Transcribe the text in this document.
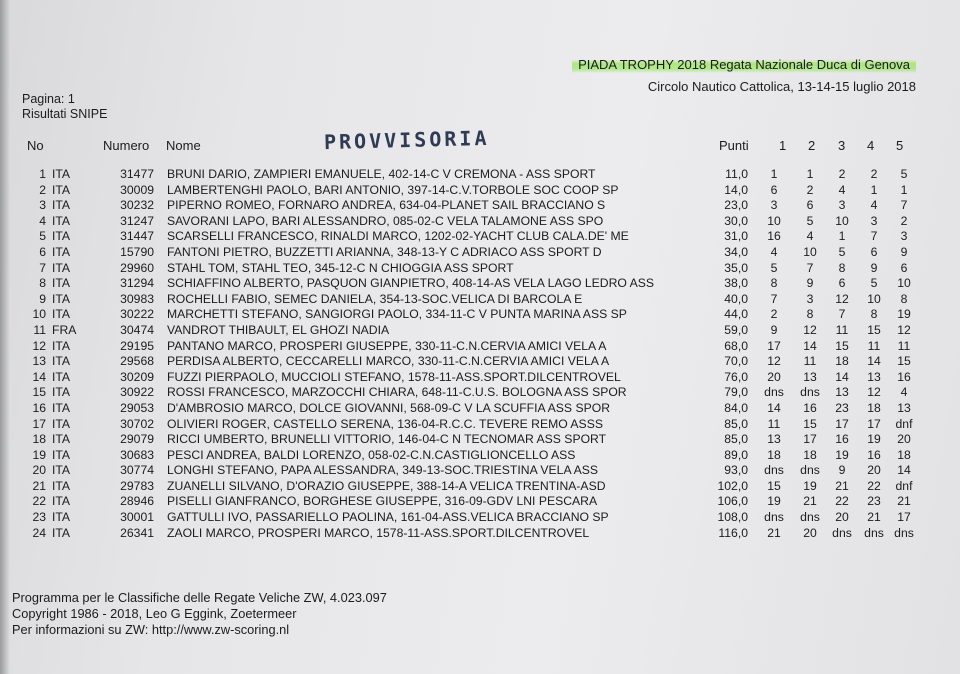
PIADA TROPHY 2018 Regata Nazionale Duca di Genova
Circolo Nautico Cattolica, 13-14-15 luglio 2018
Pagina: 1
Risultati SNIPE
PROVVISORIA
No	Numero Nome	Punti 1 2 3 4 5
1 ITA	31477 BRUNI DARIO, ZAMPIERI EMANUELE, 402-14-C V CREMONA - ASS SPORT	11,0	1	1	2	2	5
2 ITA	30009 LAMBERTENGHI PAOLO, BARI ANTONIO, 397-14-C.V.TORBOLE SOC COOP SP	14,0	6	2	4	1	1
3 ITA	30232 PIPERNO ROMEO, FORNARO ANDREA, 634-04-PLANET SAIL BRACCIANO S	23,0	3	6	3	4	7
4 ITA	31247 SAVORANI LAPO, BARI ALESSANDRO, 085-02-C VELA TALAMONE ASS SPO	30,0	10	5	10	3	2
5 ITA	31447 SCARSELLI FRANCESCO, RINALDI MARCO, 1202-02-YACHT CLUB CALA.DE' ME	31,0	16	4	1	7	3
6 ITA	15790 FANTONI PIETRO, BUZZETTI ARIANNA, 348-13-Y C ADRIACO ASS SPORT D	34,0	4	10	5	6	9
7 ITA	29960 STAHL TOM, STAHL TEO, 345-12-C N CHIOGGIA ASS SPORT	35,0	5	7	8	9	6
8 ITA	31294 SCHIAFFINO ALBERTO, PASQUON GIANPIETRO, 408-14-AS VELA LAGO LEDRO ASS	38,0	8	9	6	5	10
9 ITA	30983 ROCHELLI FABIO, SEMEC DANIELA, 354-13-SOC.VELICA DI BARCOLA E	40,0	7	3	12	10	8
10 ITA	30222 MARCHETTI STEFANO, SANGIORGI PAOLO, 334-11-C V PUNTA MARINA ASS SP	44,0	2	8	7	8	19
11 FRA	30474 VANDROT THIBAULT, EL GHOZI NADIA	59,0	9	12	11	15	12
12 ITA	29195 PANTANO MARCO, PROSPERI GIUSEPPE, 330-11-C.N.CERVIA AMICI VELA A	68,0	17	14	15	11	11
13 ITA	29568 PERDISA ALBERTO, CECCARELLI MARCO, 330-11-C.N.CERVIA AMICI VELA A	70,0	12	11	18	14	15
14 ITA	30209 FUZZI PIERPAOLO, MUCCIOLI STEFANO, 1578-11-ASS.SPORT.DILCENTROVEL	76,0	20	13	14	13	16
15 ITA	30922 ROSSI FRANCESCO, MARZOCCHI CHIARA, 648-11-C.U.S. BOLOGNA ASS SPOR	79,0	dns	dns	13	12	4
16 ITA	29053 D'AMBROSIO MARCO, DOLCE GIOVANNI, 568-09-C V LA SCUFFIA ASS SPOR	84,0	14	16	23	18	13
17 ITA	30702 OLIVIERI ROGER, CASTELLO SERENA, 136-04-R.C.C. TEVERE REMO ASSS	85,0	11	15	17	17	dnf
18 ITA	29079 RICCI UMBERTO, BRUNELLI VITTORIO, 146-04-C N TECNOMAR ASS SPORT	85,0	13	17	16	19	20
19 ITA	30683 PESCI ANDREA, BALDI LORENZO, 058-02-C.N.CASTIGLIONCELLO ASS	89,0	18	18	19	16	18
20 ITA	30774 LONGHI STEFANO, PAPA ALESSANDRA, 349-13-SOC.TRIESTINA VELA ASS	93,0	dns	dns	9	20	14
21 ITA	29783 ZUANELLI SILVANO, D'ORAZIO GIUSEPPE, 388-14-A VELICA TRENTINA-ASD	102,0	15	19	21	22	dnf
22 ITA	28946 PISELLI GIANFRANCO, BORGHESE GIUSEPPE, 316-09-GDV LNI PESCARA	106,0	19	21	22	23	21
23 ITA	30001 GATTULLI IVO, PASSARIELLO PAOLINA, 161-04-ASS.VELICA BRACCIANO SP	108,0	dns	dns	20	21	17
24 ITA	26341 ZAOLI MARCO, PROSPERI MARCO, 1578-11-ASS.SPORT.DILCENTROVEL	116,0	21	20	dns	dns dns
Programma per le Classifiche delle Regate Veliche ZW, 4.023.097
Copyright 1986 - 2018, Leo G Eggink, Zoetermeer
Per informazioni su ZW: http://www.zw-scoring.nl
